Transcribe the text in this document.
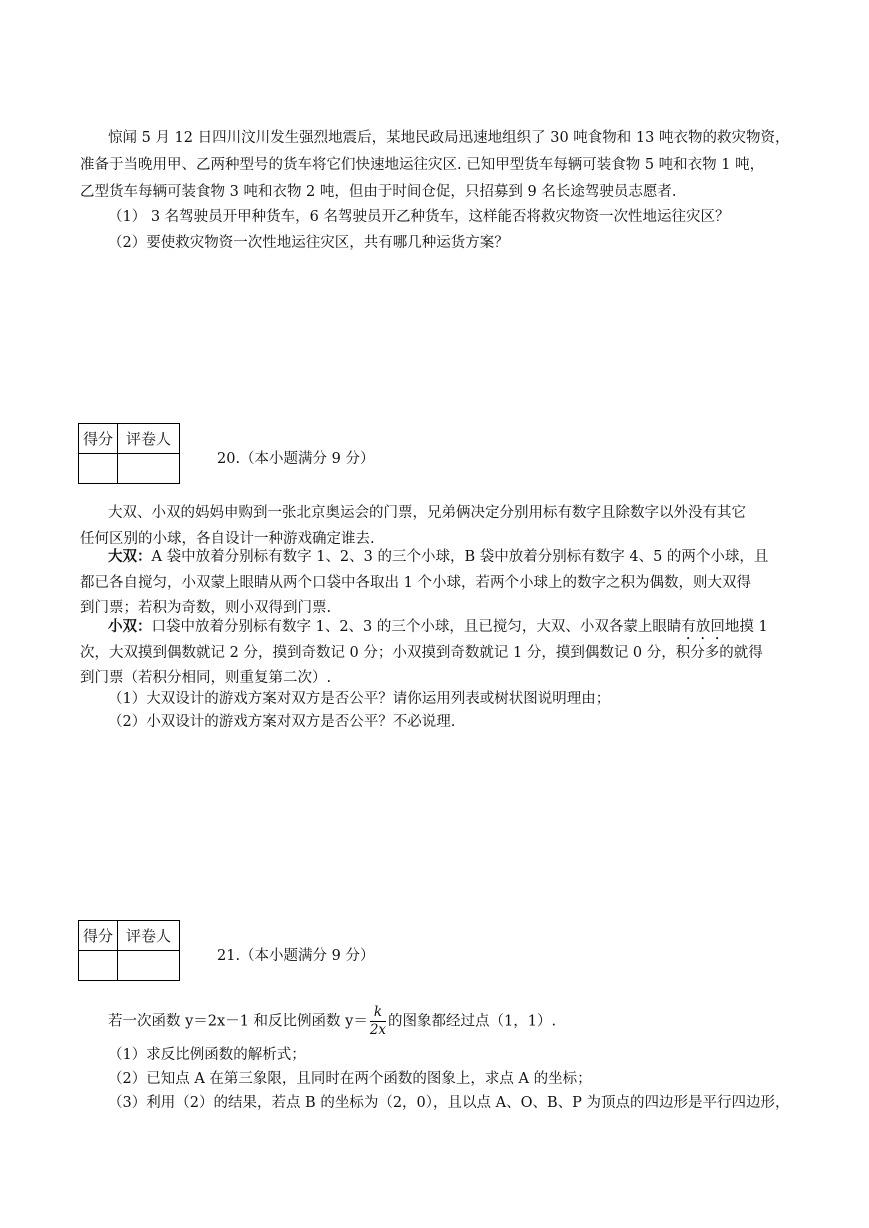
惊闻 5 月 12 日四川汶川发生强烈地震后，某地民政局迅速地组织了 30 吨食物和 13 吨衣物的救灾物资，
准备于当晚用甲、乙两种型号的货车将它们快速地运往灾区. 已知甲型货车每辆可装食物 5 吨和衣物 1 吨，
乙型货车每辆可装食物 3 吨和衣物 2 吨，但由于时间仓促，只招募到 9 名长途驾驶员志愿者.
（1） 3 名驾驶员开甲种货车，6 名驾驶员开乙种货车，这样能否将救灾物资一次性地运往灾区？
（2）要使救灾物资一次性地运往灾区，共有哪几种运货方案？
得分	评卷人

20.（本小题满分 9 分）
大双、小双的妈妈申购到一张北京奥运会的门票，兄弟俩决定分别用标有数字且除数字以外没有其它
任何区别的小球，各自设计一种游戏确定谁去.
大双：A 袋中放着分别标有数字 1、2、3 的三个小球，B 袋中放着分别标有数字 4、5 的两个小球，且
都已各自搅匀，小双蒙上眼睛从两个口袋中各取出 1 个小球，若两个小球上的数字之积为偶数，则大双得
到门票；若积为奇数，则小双得到门票.
小双：口袋中放着分别标有数字 1、2、3 的三个小球，且已搅匀，大双、小双各蒙上眼睛有放回地摸 1
次，大双摸到偶数就记 2 分，摸到奇数记 0 分；小双摸到奇数就记 1 分，摸到偶数记 0 分，积分多的就得
到门票（若积分相同，则重复第二次）.
（1）大双设计的游戏方案对双方是否公平？请你运用列表或树状图说明理由；
（2）小双设计的游戏方案对双方是否公平？不必说理.
得分	评卷人

21.（本小题满分 9 分）
若一次函数 y＝2x－1 和反比例函数 $y= \frac{k}{2x}$ 的图象都经过点（1，1）.
（1）求反比例函数的解析式；
（2）已知点 A 在第三象限，且同时在两个函数的图象上，求点 A 的坐标；
（3）利用（2）的结果，若点 B 的坐标为（2，0），且以点 A、O、B、P 为顶点的四边形是平行四边形，
